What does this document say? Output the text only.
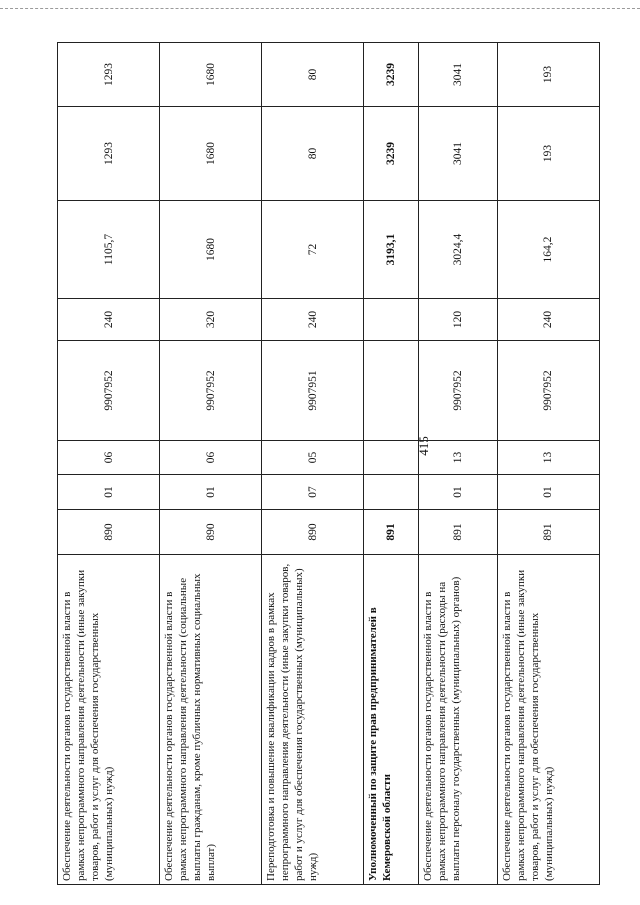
415
Обеспечение деятельности органов государственной власти в рамках непрограммного направления деятельности (иные закупки товаров, работ и услуг для обеспечения государственных (муниципальных) нужд)	890	01	06	9907952	240	1105,7	1293	1293
Обеспечение деятельности органов государственной власти в рамках непрограммного направления деятельности (социальные выплаты гражданам, кроме публичных нормативных социальных выплат)	890	01	06	9907952	320	1680	1680	1680
Переподготовка и повышение квалификации кадров в рамках непрограммного направления деятельности (иные закупки товаров, работ и услуг для обеспечения государственных (муниципальных) нужд)	890	07	05	9907951	240	72	80	80
Уполномоченный по защите прав предпринимателей в Кемеровской области	891					3193,1	3239	3239
Обеспечение деятельности органов государственной власти в рамках непрограммного направления деятельности (расходы на выплаты персоналу государственных (муниципальных) органов)	891	01	13	9907952	120	3024,4	3041	3041
Обеспечение деятельности органов государственной власти в рамках непрограммного направления деятельности (иные закупки товаров, работ и услуг для обеспечения государственных (муниципальных) нужд)	891	01	13	9907952	240	164,2	193	193
